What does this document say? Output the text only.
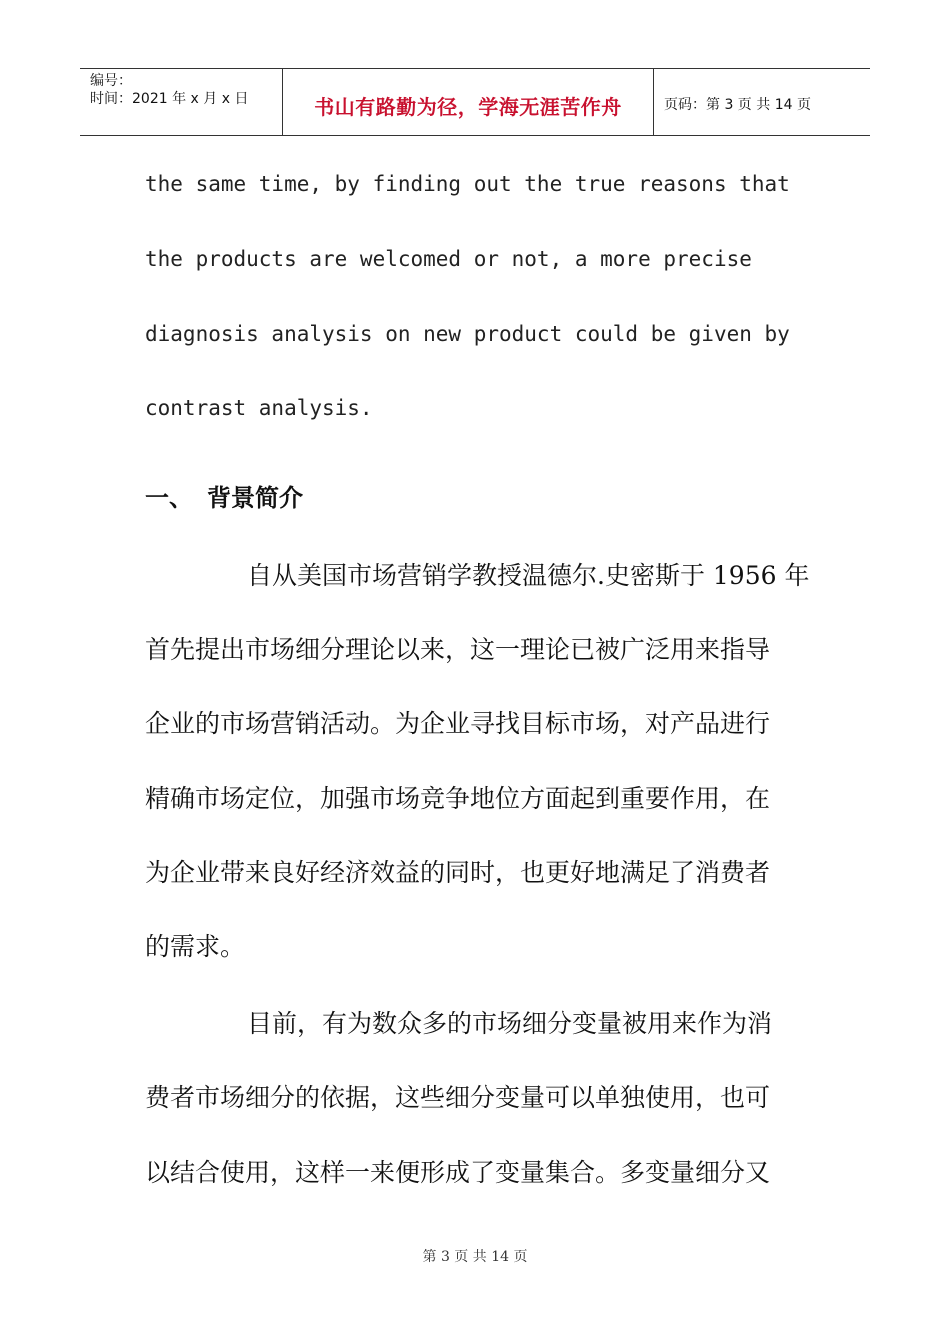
编号：
时间：2021 年 x 月 x 日	书山有路勤为径，学海无涯苦作舟	页码：第 3 页 共 14 页
the same time, by finding out the true reasons that
the products are welcomed or not, a more precise
diagnosis analysis on new product could be given by
contrast analysis.
一、 背景简介
自从美国市场营销学教授温德尔.史密斯于 1956 年
首先提出市场细分理论以来，这一理论已被广泛用来指导
企业的市场营销活动。为企业寻找目标市场，对产品进行
精确市场定位，加强市场竞争地位方面起到重要作用，在
为企业带来良好经济效益的同时，也更好地满足了消费者
的需求。
目前，有为数众多的市场细分变量被用来作为消
费者市场细分的依据，这些细分变量可以单独使用，也可
以结合使用，这样一来便形成了变量集合。多变量细分又
第 3 页 共 14 页
